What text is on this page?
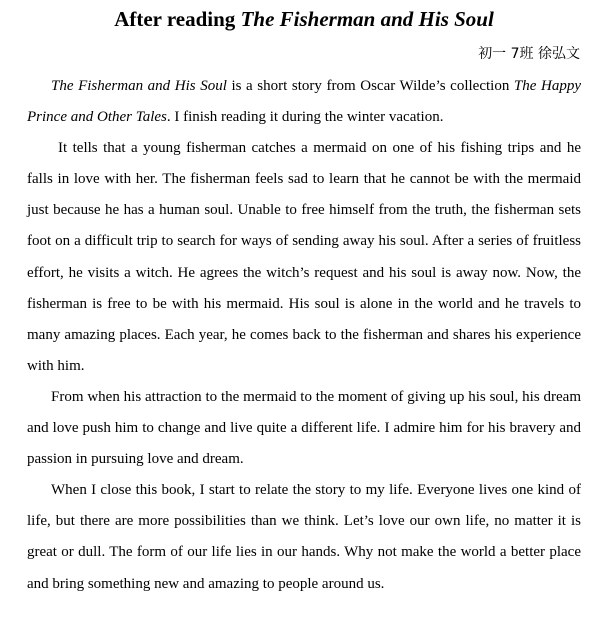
After reading The Fisherman and His Soul
初一 7班 徐弘文

The Fisherman and His Soul is a short story from Oscar Wilde’s collection The Happy Prince and Other Tales. I finish reading it during the winter vacation.

It tells that a young fisherman catches a mermaid on one of his fishing trips and he falls in love with her. The fisherman feels sad to learn that he cannot be with the mermaid just because he has a human soul. Unable to free himself from the truth, the fisherman sets foot on a difficult trip to search for ways of sending away his soul. After a series of fruitless effort, he visits a witch. He agrees the witch’s request and his soul is away now. Now, the fisherman is free to be with his mermaid. His soul is alone in the world and he travels to many amazing places. Each year, he comes back to the fisherman and shares his experience with him.

From when his attraction to the mermaid to the moment of giving up his soul, his dream and love push him to change and live quite a different life. I admire him for his bravery and passion in pursuing love and dream.

When I close this book, I start to relate the story to my life. Everyone lives one kind of life, but there are more possibilities than we think. Let’s love our own life, no matter it is great or dull. The form of our life lies in our hands. Why not make the world a better place and bring something new and amazing to people around us.
